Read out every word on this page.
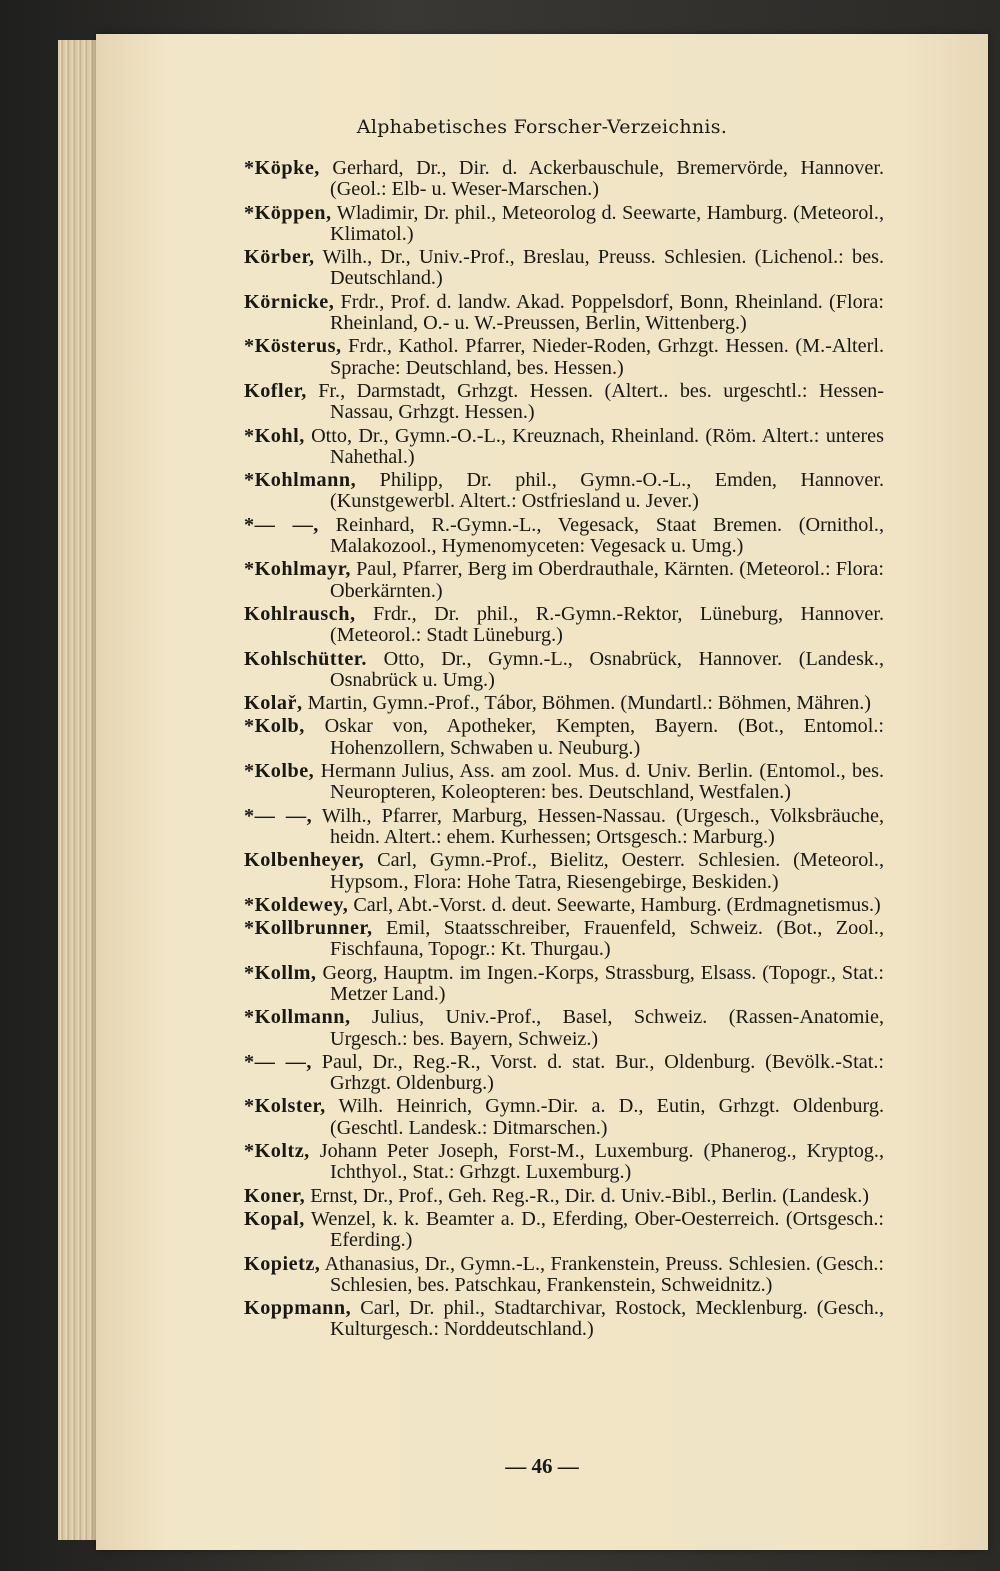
Alphabetisches Forscher-Verzeichnis.

*Köpke, Gerhard, Dr., Dir. d. Ackerbauschule, Bremervörde, Hannover. (Geol.: Elb- u. Weser-Marschen.)

*Köppen, Wladimir, Dr. phil., Meteorolog d. Seewarte, Hamburg. (Meteorol., Klimatol.)

Körber, Wilh., Dr., Univ.-Prof., Breslau, Preuss. Schlesien. (Lichenol.: bes. Deutschland.)

Körnicke, Frdr., Prof. d. landw. Akad. Poppelsdorf, Bonn, Rheinland. (Flora: Rheinland, O.- u. W.-Preussen, Berlin, Wittenberg.)

*Kösterus, Frdr., Kathol. Pfarrer, Nieder-Roden, Grhzgt. Hessen. (M.-Alterl. Sprache: Deutschland, bes. Hessen.)

Kofler, Fr., Darmstadt, Grhzgt. Hessen. (Altert.. bes. urgeschtl.: Hessen-Nassau, Grhzgt. Hessen.)

*Kohl, Otto, Dr., Gymn.-O.-L., Kreuznach, Rheinland. (Röm. Altert.: unteres Nahethal.)

*Kohlmann, Philipp, Dr. phil., Gymn.-O.-L., Emden, Hannover. (Kunstgewerbl. Altert.: Ostfriesland u. Jever.)

*— —, Reinhard, R.-Gymn.-L., Vegesack, Staat Bremen. (Ornithol., Malakozool., Hymenomyceten: Vegesack u. Umg.)

*Kohlmayr, Paul, Pfarrer, Berg im Oberdrauthale, Kärnten. (Meteorol.: Flora: Oberkärnten.)

Kohlrausch, Frdr., Dr. phil., R.-Gymn.-Rektor, Lüneburg, Hannover. (Meteorol.: Stadt Lüneburg.)

Kohlschütter. Otto, Dr., Gymn.-L., Osnabrück, Hannover. (Landesk., Osnabrück u. Umg.)

Kolař, Martin, Gymn.-Prof., Tábor, Böhmen. (Mundartl.: Böhmen, Mähren.)

*Kolb, Oskar von, Apotheker, Kempten, Bayern. (Bot., Entomol.: Hohenzollern, Schwaben u. Neuburg.)

*Kolbe, Hermann Julius, Ass. am zool. Mus. d. Univ. Berlin. (Entomol., bes. Neuropteren, Koleopteren: bes. Deutschland, Westfalen.)

*— —, Wilh., Pfarrer, Marburg, Hessen-Nassau. (Urgesch., Volksbräuche, heidn. Altert.: ehem. Kurhessen; Ortsgesch.: Marburg.)

Kolbenheyer, Carl, Gymn.-Prof., Bielitz, Oesterr. Schlesien. (Meteorol., Hypsom., Flora: Hohe Tatra, Riesengebirge, Beskiden.)

*Koldewey, Carl, Abt.-Vorst. d. deut. Seewarte, Hamburg. (Erdmagnetismus.)

*Kollbrunner, Emil, Staatsschreiber, Frauenfeld, Schweiz. (Bot., Zool., Fischfauna, Topogr.: Kt. Thurgau.)

*Kollm, Georg, Hauptm. im Ingen.-Korps, Strassburg, Elsass. (Topogr., Stat.: Metzer Land.)

*Kollmann, Julius, Univ.-Prof., Basel, Schweiz. (Rassen-Anatomie, Urgesch.: bes. Bayern, Schweiz.)

*— —, Paul, Dr., Reg.-R., Vorst. d. stat. Bur., Oldenburg. (Bevölk.-Stat.: Grhzgt. Oldenburg.)

*Kolster, Wilh. Heinrich, Gymn.-Dir. a. D., Eutin, Grhzgt. Oldenburg. (Geschtl. Landesk.: Ditmarschen.)

*Koltz, Johann Peter Joseph, Forst-M., Luxemburg. (Phanerog., Kryptog., Ichthyol., Stat.: Grhzgt. Luxemburg.)

Koner, Ernst, Dr., Prof., Geh. Reg.-R., Dir. d. Univ.-Bibl., Berlin. (Landesk.)

Kopal, Wenzel, k. k. Beamter a. D., Eferding, Ober-Oesterreich. (Ortsgesch.: Eferding.)

Kopietz, Athanasius, Dr., Gymn.-L., Frankenstein, Preuss. Schlesien. (Gesch.: Schlesien, bes. Patschkau, Frankenstein, Schweidnitz.)

Koppmann, Carl, Dr. phil., Stadtarchivar, Rostock, Mecklenburg. (Gesch., Kulturgesch.: Norddeutschland.)

— 46 —
